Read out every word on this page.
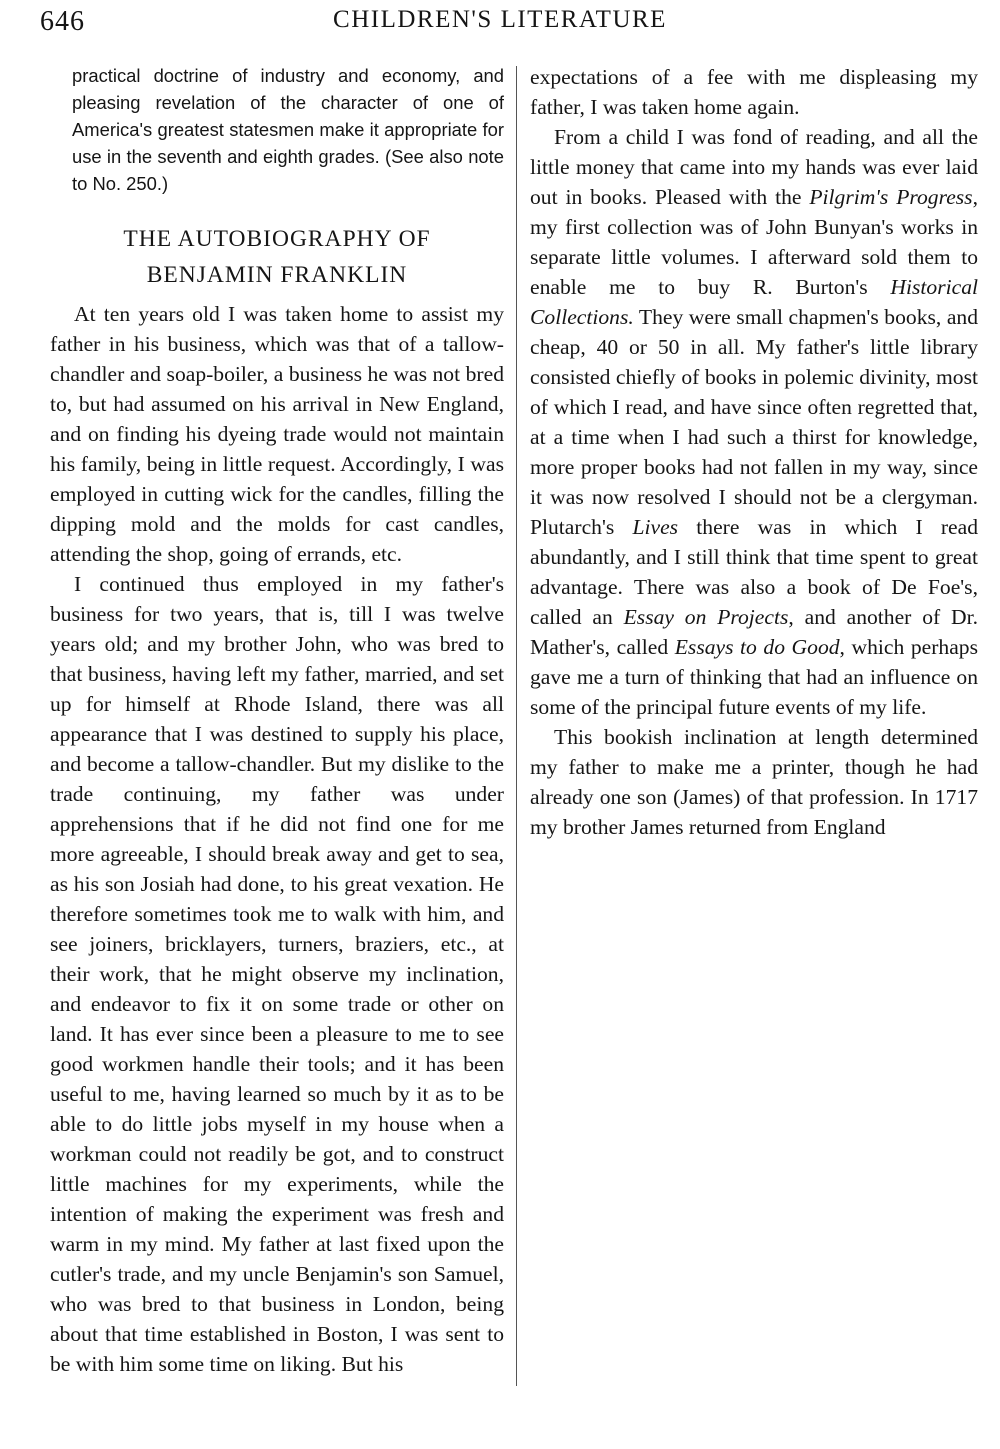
646	CHILDREN'S LITERATURE

practical doctrine of industry and economy, and pleasing revelation of the character of one of America's greatest statesmen make it appropriate for use in the seventh and eighth grades. (See also note to No. 250.)

THE AUTOBIOGRAPHY OF
BENJAMIN FRANKLIN

At ten years old I was taken home to assist my father in his business, which was that of a tallow-chandler and soap-boiler, a business he was not bred to, but had assumed on his arrival in New England, and on finding his dyeing trade would not maintain his family, being in little request. Accordingly, I was employed in cutting wick for the candles, filling the dipping mold and the molds for cast candles, attending the shop, going of errands, etc.

I continued thus employed in my father's business for two years, that is, till I was twelve years old; and my brother John, who was bred to that business, having left my father, married, and set up for himself at Rhode Island, there was all appearance that I was destined to supply his place, and become a tallow-chandler. But my dislike to the trade continuing, my father was under apprehensions that if he did not find one for me more agreeable, I should break away and get to sea, as his son Josiah had done, to his great vexation. He therefore sometimes took me to walk with him, and see joiners, bricklayers, turners, braziers, etc., at their work, that he might observe my inclination, and endeavor to fix it on some trade or other on land. It has ever since been a pleasure to me to see good workmen handle their tools; and it has been useful to me, having learned so much by it as to be able to do little jobs myself in my house when a workman could not readily be got, and to construct little machines for my experiments, while the intention of making the experiment was fresh and warm in my mind. My father at last fixed upon the cutler's trade, and my uncle Benjamin's son Samuel, who was bred to that business in London, being about that time established in Boston, I was sent to be with him some time on liking. But his

expectations of a fee with me displeasing my father, I was taken home again.

From a child I was fond of reading, and all the little money that came into my hands was ever laid out in books. Pleased with the Pilgrim's Progress, my first collection was of John Bunyan's works in separate little volumes. I afterward sold them to enable me to buy R. Burton's Historical Collections. They were small chapmen's books, and cheap, 40 or 50 in all. My father's little library consisted chiefly of books in polemic divinity, most of which I read, and have since often regretted that, at a time when I had such a thirst for knowledge, more proper books had not fallen in my way, since it was now resolved I should not be a clergyman. Plutarch's Lives there was in which I read abundantly, and I still think that time spent to great advantage. There was also a book of De Foe's, called an Essay on Projects, and another of Dr. Mather's, called Essays to do Good, which perhaps gave me a turn of thinking that had an influence on some of the principal future events of my life.

This bookish inclination at length determined my father to make me a printer, though he had already one son (James) of that profession. In 1717 my brother James returned from England
